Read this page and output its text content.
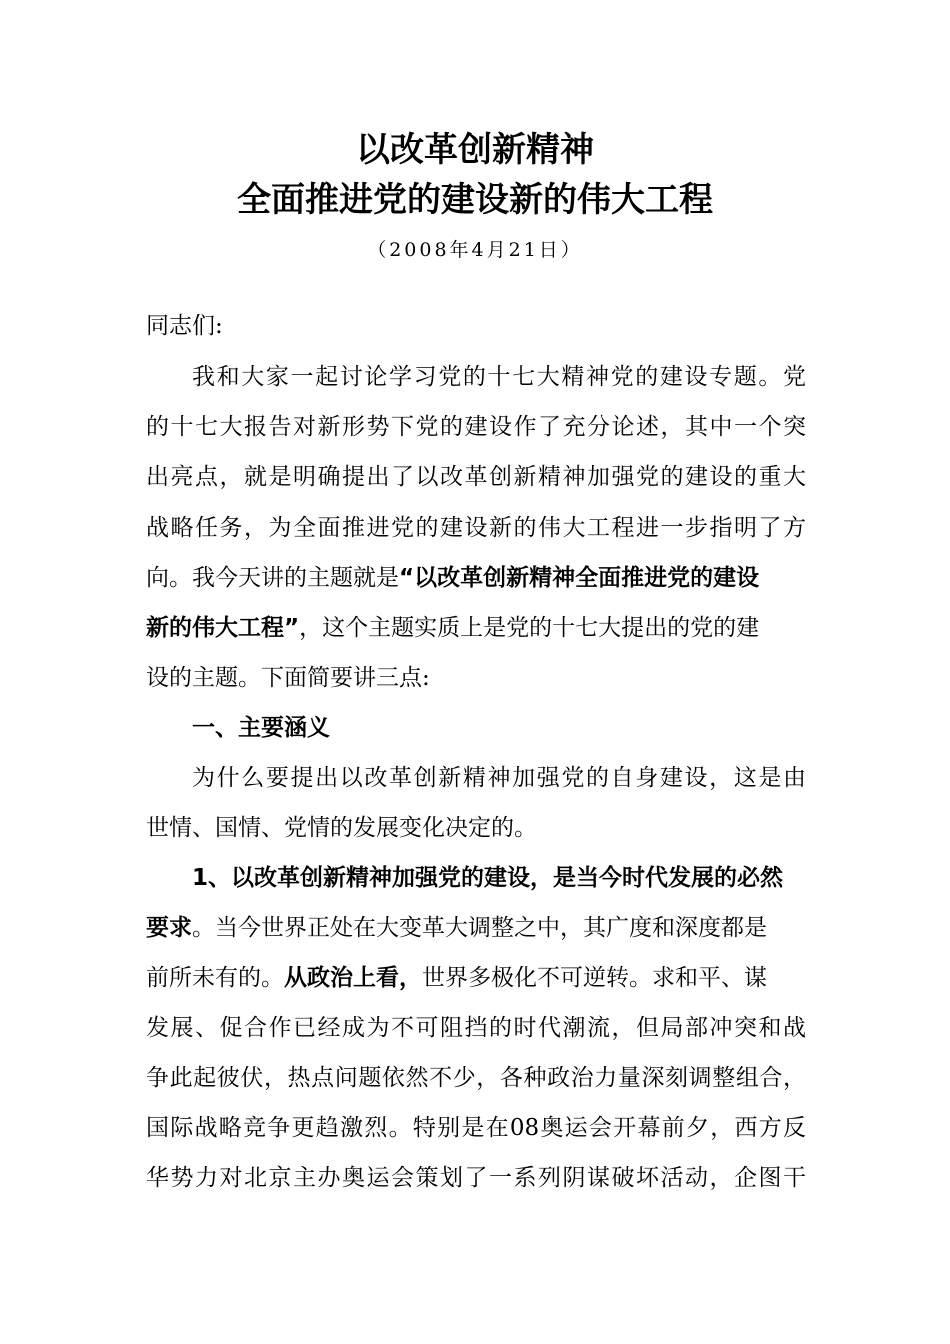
以改革创新精神
全面推进党的建设新的伟大工程
（2008年4月21日）
同志们:
我和大家一起讨论学习党的十七大精神党的建设专题。党
的十七大报告对新形势下党的建设作了充分论述，其中一个突
出亮点，就是明确提出了以改革创新精神加强党的建设的重大
战略任务，为全面推进党的建设新的伟大工程进一步指明了方
向。我今天讲的主题就是“以改革创新精神全面推进党的建设
新的伟大工程”，这个主题实质上是党的十七大提出的党的建
设的主题。下面简要讲三点:
一、主要涵义
为什么要提出以改革创新精神加强党的自身建设，这是由
世情、国情、党情的发展变化决定的。
1、以改革创新精神加强党的建设，是当今时代发展的必然
要求。当今世界正处在大变革大调整之中，其广度和深度都是
前所未有的。从政治上看，世界多极化不可逆转。求和平、谋
发展、促合作已经成为不可阻挡的时代潮流，但局部冲突和战
争此起彼伏，热点问题依然不少，各种政治力量深刻调整组合，
国际战略竞争更趋激烈。特别是在08奥运会开幕前夕，西方反
华势力对北京主办奥运会策划了一系列阴谋破坏活动，企图干
